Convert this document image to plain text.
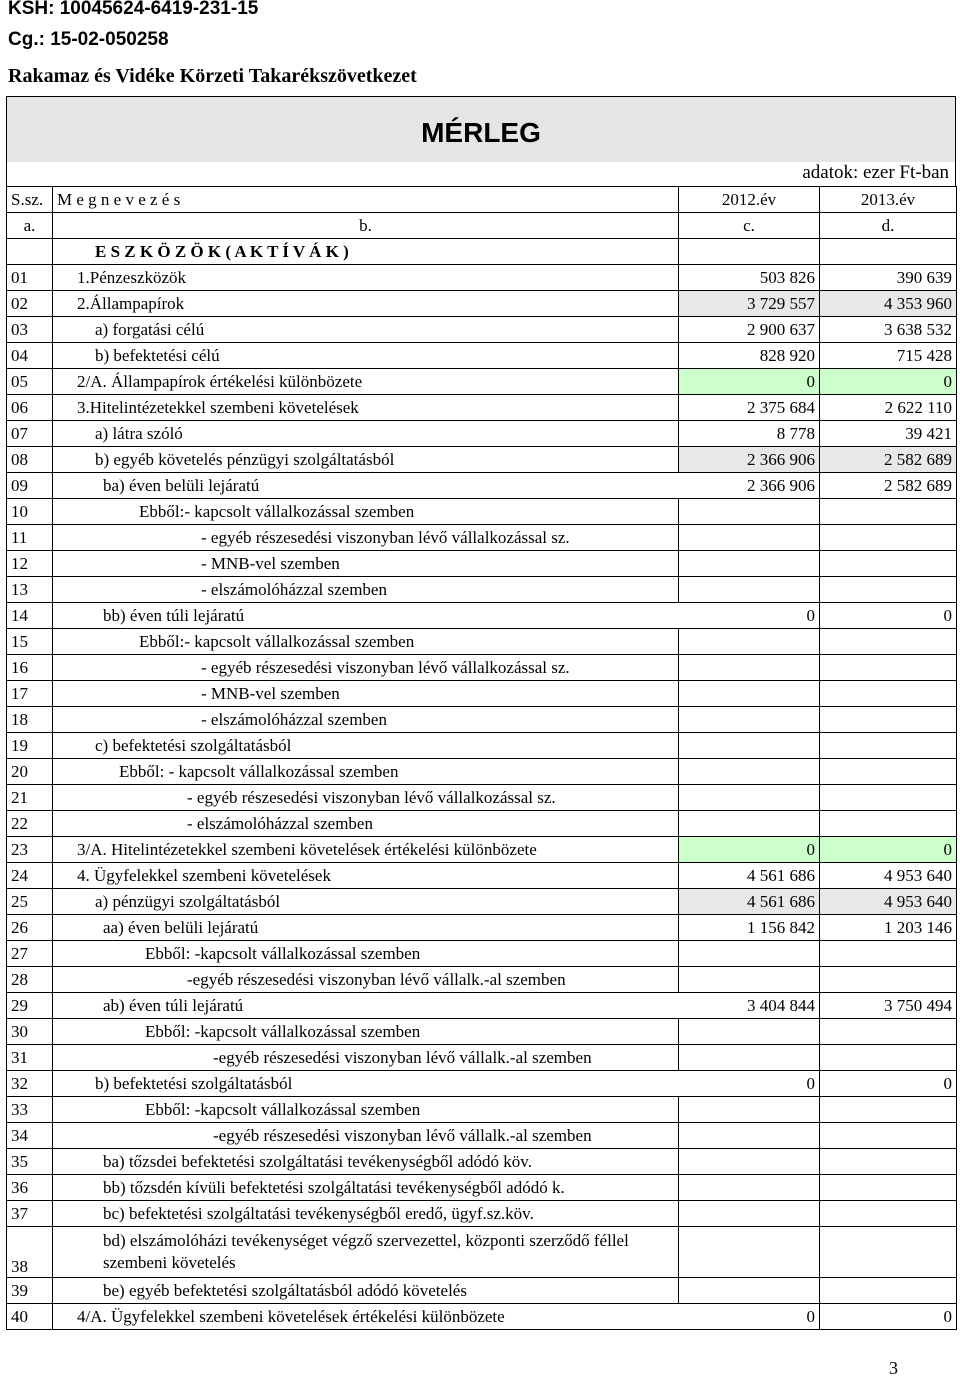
KSH: 10045624-6419-231-15
Cg.: 15-02-050258
Rakamaz és Vidéke Körzeti Takarékszövetkezet
MÉRLEG
adatok: ezer Ft-ban
S.sz.	M e g n e v e z é s	2012.év	2013.év
a.	b.	c.	d.
	E S Z K Ö Z Ö K ( A K T Í V Á K )		
01	1.Pénzeszközök	503 826	390 639
02	2.Állampapírok	3 729 557	4 353 960
03	a) forgatási célú	2 900 637	3 638 532
04	b) befektetési célú	828 920	715 428
05	2/A. Állampapírok értékelési különbözete	0	0
06	3.Hitelintézetekkel szembeni követelések	2 375 684	2 622 110
07	a) látra szóló	8 778	39 421
08	b) egyéb követelés pénzügyi szolgáltatásból	2 366 906	2 582 689
09	ba) éven belüli lejáratú	2 366 906	2 582 689
10	Ebből:- kapcsolt vállalkozással szemben		
11	- egyéb részesedési viszonyban lévő vállalkozással sz.		
12	- MNB-vel szemben		
13	- elszámolóházzal szemben		
14	bb) éven túli lejáratú	0	0
15	Ebből:- kapcsolt vállalkozással szemben		
16	- egyéb részesedési viszonyban lévő vállalkozással sz.		
17	- MNB-vel szemben		
18	- elszámolóházzal szemben		
19	c) befektetési szolgáltatásból		
20	Ebből: - kapcsolt vállalkozással szemben		
21	- egyéb részesedési viszonyban lévő vállalkozással sz.		
22	- elszámolóházzal szemben		
23	3/A. Hitelintézetekkel szembeni követelések értékelési különbözete	0	0
24	4. Ügyfelekkel szembeni követelések	4 561 686	4 953 640
25	a) pénzügyi szolgáltatásból	4 561 686	4 953 640
26	aa) éven belüli lejáratú	1 156 842	1 203 146
27	Ebből: -kapcsolt vállalkozással szemben		
28	-egyéb részesedési viszonyban lévő vállalk.-al szemben		
29	ab) éven túli lejáratú	3 404 844	3 750 494
30	Ebből: -kapcsolt vállalkozással szemben		
31	-egyéb részesedési viszonyban lévő vállalk.-al szemben		
32	b) befektetési szolgáltatásból	0	0
33	Ebből: -kapcsolt vállalkozással szemben		
34	-egyéb részesedési viszonyban lévő vállalk.-al szemben		
35	ba) tőzsdei befektetési szolgáltatási tevékenységből adódó köv.		
36	bb) tőzsdén kívüli befektetési szolgáltatási tevékenységből adódó k.		
37	bc) befektetési szolgáltatási tevékenységből eredő, ügyf.sz.köv.		
38	bd) elszámolóházi tevékenységet végző szervezettel, központi szerződő féllel szembeni követelés		
39	be) egyéb befektetési szolgáltatásból adódó követelés		
40	4/A. Ügyfelekkel szembeni követelések értékelési különbözete	0	0
3
